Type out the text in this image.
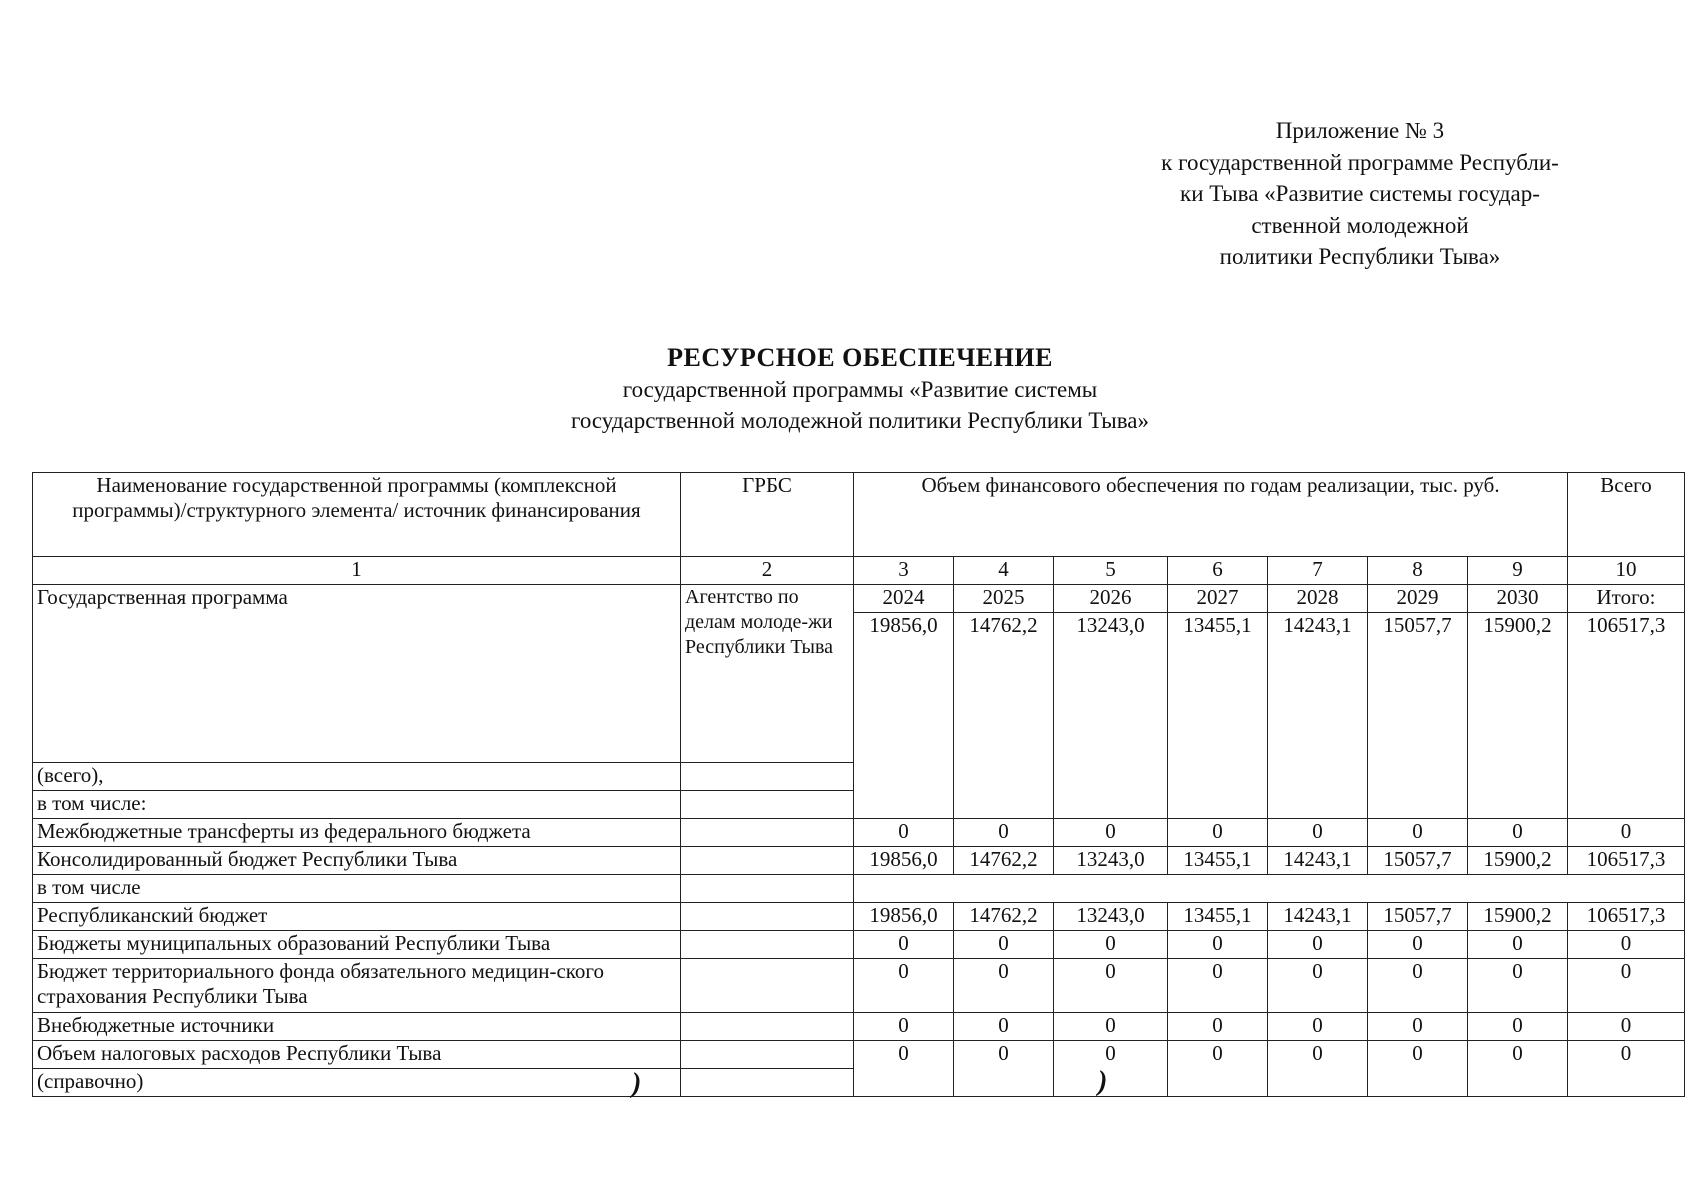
Приложение № 3
к государственной программе Республи-
ки Тыва «Развитие системы государ-
ственной молодежной
политики Республики Тыва»
РЕСУРСНОЕ ОБЕСПЕЧЕНИЕ
государственной программы «Развитие системы
государственной молодежной политики Республики Тыва»
Наименование государственной программы (комплексной программы)/структурного элемента/ источник финансирования	ГРБС	Объем финансового обеспечения по годам реализации, тыс. руб.							Всего
1	2	3	4	5	6	7	8	9	10
Государственная программа	Агентство по делам молоде-жи Республики Тыва	2024	2025	2026	2027	2028	2029	2030	Итого:
		19856,0	14762,2	13243,0	13455,1	14243,1	15057,7	15900,2	106517,3
(всего),									
в том числе:									
Межбюджетные трансферты из федерального бюджета		0	0	0	0	0	0	0	0
Консолидированный бюджет Республики Тыва		19856,0	14762,2	13243,0	13455,1	14243,1	15057,7	15900,2	106517,3
в том числе									
Республиканский бюджет		19856,0	14762,2	13243,0	13455,1	14243,1	15057,7	15900,2	106517,3
Бюджеты муниципальных образований Республики Тыва		0	0	0	0	0	0	0	0
Бюджет территориального фонда обязательного медицин-ского страхования Республики Тыва		0	0	0	0	0	0	0	0
Внебюджетные источники		0	0	0	0	0	0	0	0
Объем налоговых расходов Республики Тыва		0	0	0	0	0	0	0	0
(справочно)										)	)
